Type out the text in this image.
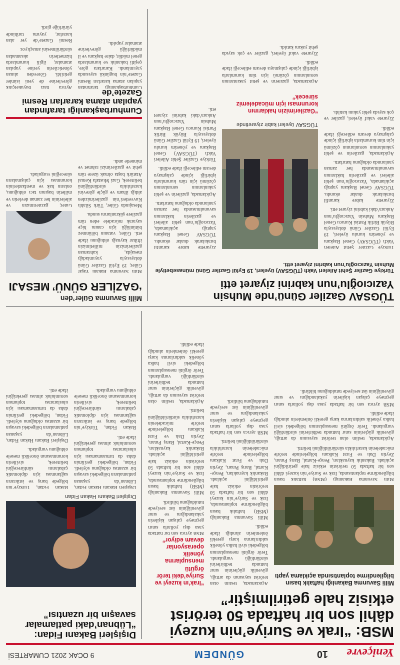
Yeniçevre
10
GÜNDEM
9 OCAK 2021 CUMARTESİ
MSB: “Irak ve Suriye’nin kuzeyi dâhil son bir haftada 50 terörist etkisiz hale getirilmiştir”
Milli Savunma Bakanlığı haftalık basın bilgilendirme toplantısında açıklama yaptı

Milli Savunma Bakanlığı (MSB) haftalık basın bilgilendirme toplantısında, Irak ve Suriye’nin kuzeyi dâhil son bir haftada 50 teröristin etkisiz hale getirildiğini açıkladı. Bakanlık kaynakları, Pençe-Kartal, Barış Pınarı, Zeytin Dalı ve Fırat Kalkanı bölgelerinde terörle mücadelenin kararlılıkla sürdürüldüğünü belirtti.

Açıklamada, teslim olan terörist sayısının da arttığı, güvenlik güçlerinin sınır hattında tedbirlerini sürdürdüğü vurgulandı. Terör örgütü mensuplarının bölgedeki sivil halka yönelik saldırılarına karşı gerekli önlemlerin alındığı ifade edildi.

MSB ayrıca son bir haftada yasa dışı yollarla sınırı geçmeye çalışan kişilerin yakalandığını ve sınır güvenliğinin üst seviyede tutulduğunu bildirdi.

Açıklamada, teslim olan terörist sayısının da arttığı, güvenlik güçlerinin sınır hattında tedbirlerini sürdürdüğü vurgulandı. Terör örgütü mensuplarının bölgedeki sivil halka yönelik saldırılarına karşı gerekli önlemlerin alındığı ifade edildi.

Milli Savunma Bakanlığı (MSB) haftalık basın bilgilendirme toplantısında, Irak ve Suriye’nin kuzeyi dâhil son bir haftada 50 teröristin etkisiz hale getirildiğini açıkladı. Bakanlık kaynakları, Pençe-Kartal, Barış Pınarı, Zeytin Dalı ve Fırat Kalkanı bölgelerinde terörle mücadelenin kararlılıkla sürdürüldüğünü belirtti.

MSB ayrıca son bir haftada yasa dışı yollarla sınırı geçmeye çalışan kişilerin yakalandığını ve sınır güvenliğinin üst seviyede tutulduğunu bildirdi.

“Irak’ın kuzeyi ve Suriye’deki terör örgütü mensuplarına yönelik operasyonlar devam ediyor”

MSB ayrıca son bir haftada yasa dışı yollarla sınırı geçmeye çalışan kişilerin yakalandığını ve sınır güvenliğinin üst seviyede tutulduğunu bildirdi.

Milli Savunma Bakanlığı (MSB) haftalık basın bilgilendirme toplantısında, Irak ve Suriye’nin kuzeyi dâhil son bir haftada 50 teröristin etkisiz hale getirildiğini açıkladı. Bakanlık kaynakları, Pençe-Kartal, Barış Pınarı, Zeytin Dalı ve Fırat Kalkanı bölgelerinde terörle mücadelenin kararlılıkla sürdürüldüğünü belirtti.

Açıklamada, teslim olan terörist sayısının da arttığı, güvenlik güçlerinin sınır hattında tedbirlerini sürdürdüğü vurgulandı. Terör örgütü mensuplarının bölgedeki sivil halka yönelik saldırılarına karşı gerekli önlemlerin alındığı ifade edildi.

Dışişleri Bakanı Fidan: “Lübnan’daki patlamalar savaşın bir uzantısı”
Dışişleri Bakanı Hakan Fidan

Dışişleri Bakanı Hakan Fidan, Lübnan’da yaşanan patlamaların bölgedeki savaşın bir uzantısı olduğunu söyledi. Fidan, bölgedeki gerilimin daha da tırmanmaması için uluslararası toplumun sorumluluk alması gerektiğini ifade etti.

Bakan Fidan, Türkiye’nin bölgede barış ve istikrarın sağlanması için diplomatik çabalarını sürdüreceğini belirterek, sivillerin korunmasının öncelikli mesele olduğunu vurguladı.

Bakan Fidan, Türkiye’nin bölgede barış ve istikrarın sağlanması için diplomatik çabalarını sürdüreceğini belirterek, sivillerin korunmasının öncelikli mesele olduğunu vurguladı.

Dışişleri Bakanı Hakan Fidan, Lübnan’da yaşanan patlamaların bölgedeki savaşın bir uzantısı olduğunu söyledi. Fidan, bölgedeki gerilimin daha da tırmanmaması için uluslararası toplumun sorumluluk alması gerektiğini ifade etti.

TÜGSAV Gaziler Günü’nde Muhsin Yazıcıoğlu’nun kabrini ziyaret etti
Türkiye Gaziler Şehit Aileleri Vakfı (TÜGSAV) üyeleri, 19 Eylül Gaziler Günü münasebetiyle Muhsin Yazıcıoğlu’nun kabrini ziyaret etti.

Türkiye Gaziler Şehit Aileleri Vakfı (TÜGSAV) Genel Başkanı ve yönetim kurulu üyeleri, 19 Eylül Gaziler Günü dolayısıyla Büyük Birlik Partisi Kurucu Genel Başkanı Muhsin Yazıcıoğlu’nun Ankara’daki kabrini ziyaret etti.

Ziyarette kabre karanfil bırakılarak dualar okundu. TÜGSAV Genel Başkanı yaptığı açıklamada, Yazıcıoğlu’nun şehit aileleri ve gazilerin haklarının savunulmasında her zaman yanlarında olduğunu hatırlattı.

Açıklamada, gazilerin ve şehit yakınlarının sorunlarının çözümü için tüm kurumlarla işbirliği içinde çalışmaya devam edileceği ifade edildi.

Ziyarete vakıf üyeleri, gaziler ve çok sayıda şehit yakını katıldı.

TÜGSAV üyeleri kabir ziyaretinde
“Gazilerimizin haklarının korunması için mücadelemiz sürecek”

Açıklamada, gazilerin ve şehit yakınlarının sorunlarının çözümü için tüm kurumlarla işbirliği içinde çalışmaya devam edileceği ifade edildi.

Ziyarete vakıf üyeleri, gaziler ve çok sayıda şehit yakını katıldı.

Ziyarette kabre karanfil bırakılarak dualar okundu. TÜGSAV Genel Başkanı yaptığı açıklamada, Yazıcıoğlu’nun şehit aileleri ve gazilerin haklarının savunulmasında her zaman yanlarında olduğunu hatırlattı.

Açıklamada, gazilerin ve şehit yakınlarının sorunlarının çözümü için tüm kurumlarla işbirliği içinde çalışmaya devam edileceği ifade edildi.

Türkiye Gaziler Şehit Aileleri Vakfı (TÜGSAV) Genel Başkanı ve yönetim kurulu üyeleri, 19 Eylül Gaziler Günü dolayısıyla Büyük Birlik Partisi Kurucu Genel Başkanı Muhsin Yazıcıoğlu’nun Ankara’daki kabrini ziyaret etti.

Milli Savunma Güler’den
‘GAZİLER GÜNÜ’ MESAJI

Milli Savunma Bakanı Yaşar Güler, 19 Eylül Gaziler Günü dolayısıyla yayımladığı mesajda, kahraman gazilerimizin milletimizin iftihar kaynağı olduğunu ifade etti. Güler, vatanın bölünmez bütünlüğü için canını hiçe sayarak mücadele eden tüm gazilere şükranlarını sundu.

Mesajında Güler, Türk Silahlı Kuvvetleri’nin gazilerimizden aldığı ilham ve güçle görevini kararlılıkla sürdürdüğünü belirterek, Gazi Mustafa Kemal Atatürk başta olmak üzere tüm şehit ve gazilerimizi rahmet ve minnetle andı.

Güler, gazilerimizin ve ailelerinin her zaman devletin ve milletin başının tacı olduğunu, onların hak ve menfaatlerinin korunması için çalışmaların süreceğini vurguladı.

Cumhurbaşkanlığı tarafından yapılan atama kararları Resmi Gazete’de

Cumhurbaşkanlığı tarafından yapılan atama kararları Resmi Gazete’nin bugünkü sayısında yayımlandı. Kararlara göre, çeşitli bakanlık ve kurumlarda genel müdür, daire başkanı ve il müdürlüğü görevlerine atamalar yapıldı.

Ayrıca bazı büyükelçilik görevlerine de yeni isimler getirildi. Görevden alınan yöneticilerin yerine yapılan atamalar, ilgili kurumlarda hizmetlerin aksamadan sürdürülmesini amaçlıyor.

Resmi Gazete’de yer alan kararlar, yayımı tarihinde yürürlüğe girdi.
